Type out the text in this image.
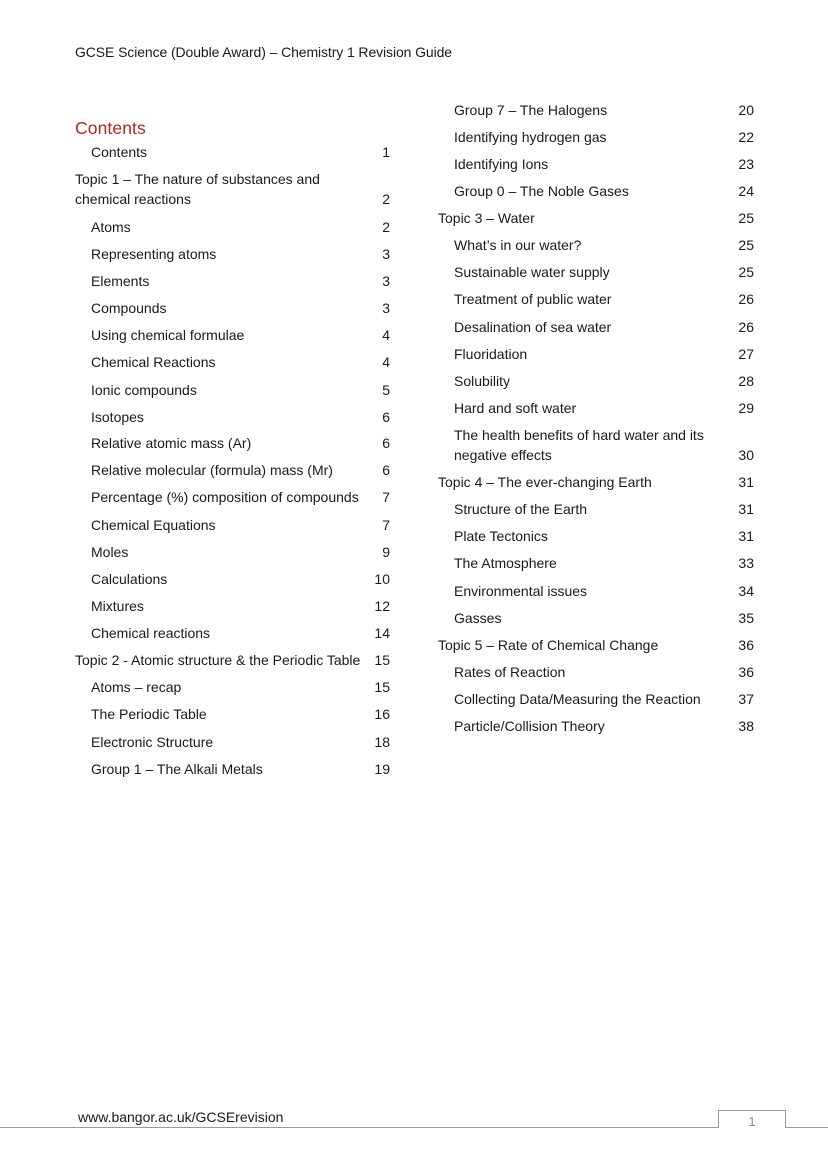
GCSE Science (Double Award) – Chemistry 1 Revision Guide
Contents
Contents	1
Topic 1 – The nature of substances and chemical reactions	2
Atoms	2
Representing atoms	3
Elements	3
Compounds	3
Using chemical formulae	4
Chemical Reactions	4
Ionic compounds	5
Isotopes	6
Relative atomic mass (Ar)	6
Relative molecular (formula) mass (Mr)	6
Percentage (%) composition of compounds	7
Chemical Equations	7
Moles	9
Calculations	10
Mixtures	12
Chemical reactions	14
Topic 2 - Atomic structure & the Periodic Table	15
Atoms – recap	15
The Periodic Table	16
Electronic Structure	18
Group 1 – The Alkali Metals	19
Group 7 – The Halogens	20
Identifying hydrogen gas	22
Identifying Ions	23
Group 0 – The Noble Gases	24
Topic 3 – Water	25
What’s in our water?	25
Sustainable water supply	25
Treatment of public water	26
Desalination of sea water	26
Fluoridation	27
Solubility	28
Hard and soft water	29
The health benefits of hard water and its negative effects	30
Topic 4 – The ever-changing Earth	31
Structure of the Earth	31
Plate Tectonics	31
The Atmosphere	33
Environmental issues	34
Gasses	35
Topic 5 – Rate of Chemical Change	36
Rates of Reaction	36
Collecting Data/Measuring the Reaction	37
Particle/Collision Theory	38
1
www.bangor.ac.uk/GCSErevision
